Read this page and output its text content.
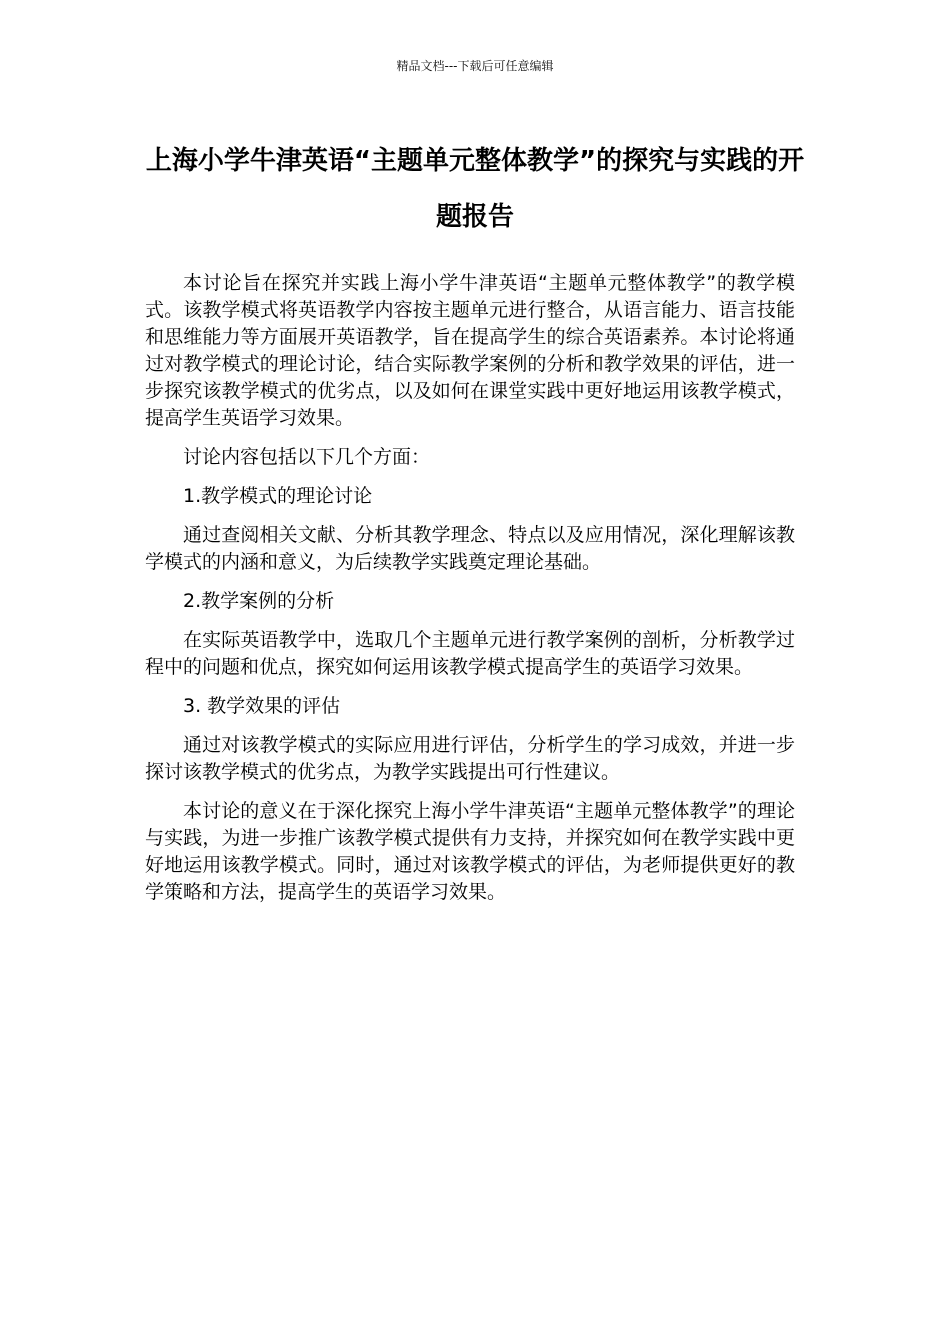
精品文档---下载后可任意编辑
上海小学牛津英语“主题单元整体教学”的探究与实践的开题报告

本讨论旨在探究并实践上海小学牛津英语“主题单元整体教学”的教学模式。该教学模式将英语教学内容按主题单元进行整合，从语言能力、语言技能和思维能力等方面展开英语教学，旨在提高学生的综合英语素养。本讨论将通过对教学模式的理论讨论，结合实际教学案例的分析和教学效果的评估，进一步探究该教学模式的优劣点，以及如何在课堂实践中更好地运用该教学模式，提高学生英语学习效果。

讨论内容包括以下几个方面：

1.教学模式的理论讨论

通过查阅相关文献、分析其教学理念、特点以及应用情况，深化理解该教学模式的内涵和意义，为后续教学实践奠定理论基础。

2.教学案例的分析

在实际英语教学中，选取几个主题单元进行教学案例的剖析，分析教学过程中的问题和优点，探究如何运用该教学模式提高学生的英语学习效果。

3. 教学效果的评估

通过对该教学模式的实际应用进行评估，分析学生的学习成效，并进一步探讨该教学模式的优劣点，为教学实践提出可行性建议。

本讨论的意义在于深化探究上海小学牛津英语“主题单元整体教学”的理论与实践，为进一步推广该教学模式提供有力支持，并探究如何在教学实践中更好地运用该教学模式。同时，通过对该教学模式的评估，为老师提供更好的教学策略和方法，提高学生的英语学习效果。
